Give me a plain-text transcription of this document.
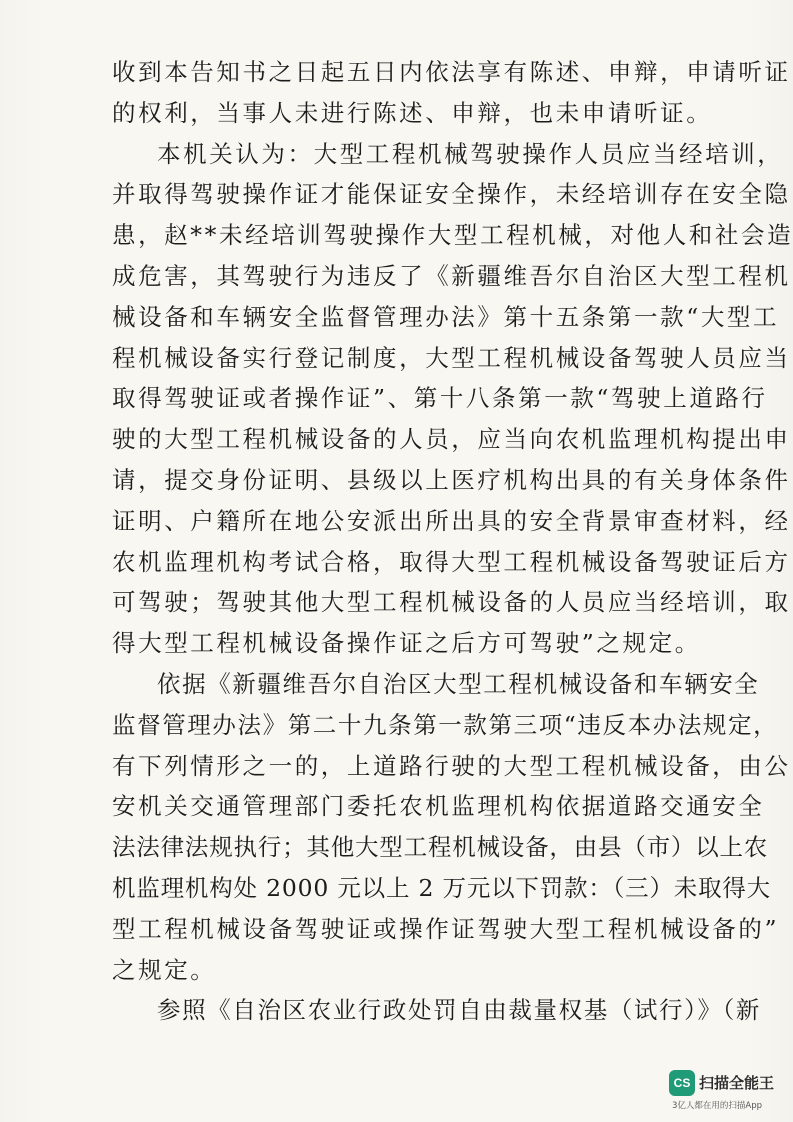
收到本告知书之日起五日内依法享有陈述、申辩，申请听证
的权利，当事人未进行陈述、申辩，也未申请听证。
本机关认为：大型工程机械驾驶操作人员应当经培训，
并取得驾驶操作证才能保证安全操作，未经培训存在安全隐
患，赵**未经培训驾驶操作大型工程机械，对他人和社会造
成危害，其驾驶行为违反了《新疆维吾尔自治区大型工程机
械设备和车辆安全监督管理办法》第十五条第一款“大型工
程机械设备实行登记制度，大型工程机械设备驾驶人员应当
取得驾驶证或者操作证”、第十八条第一款“驾驶上道路行
驶的大型工程机械设备的人员，应当向农机监理机构提出申
请，提交身份证明、县级以上医疗机构出具的有关身体条件
证明、户籍所在地公安派出所出具的安全背景审查材料，经
农机监理机构考试合格，取得大型工程机械设备驾驶证后方
可驾驶；驾驶其他大型工程机械设备的人员应当经培训，取
得大型工程机械设备操作证之后方可驾驶”之规定。
依据《新疆维吾尔自治区大型工程机械设备和车辆安全
监督管理办法》第二十九条第一款第三项“违反本办法规定，
有下列情形之一的，上道路行驶的大型工程机械设备，由公
安机关交通管理部门委托农机监理机构依据道路交通安全
法法律法规执行；其他大型工程机械设备，由县（市）以上农
机监理机构处 2000 元以上 2 万元以下罚款：（三）未取得大
型工程机械设备驾驶证或操作证驾驶大型工程机械设备的”
之规定。
参照《自治区农业行政处罚自由裁量权基（试行）》（新
CS 扫描全能王
3亿人都在用的扫描App
